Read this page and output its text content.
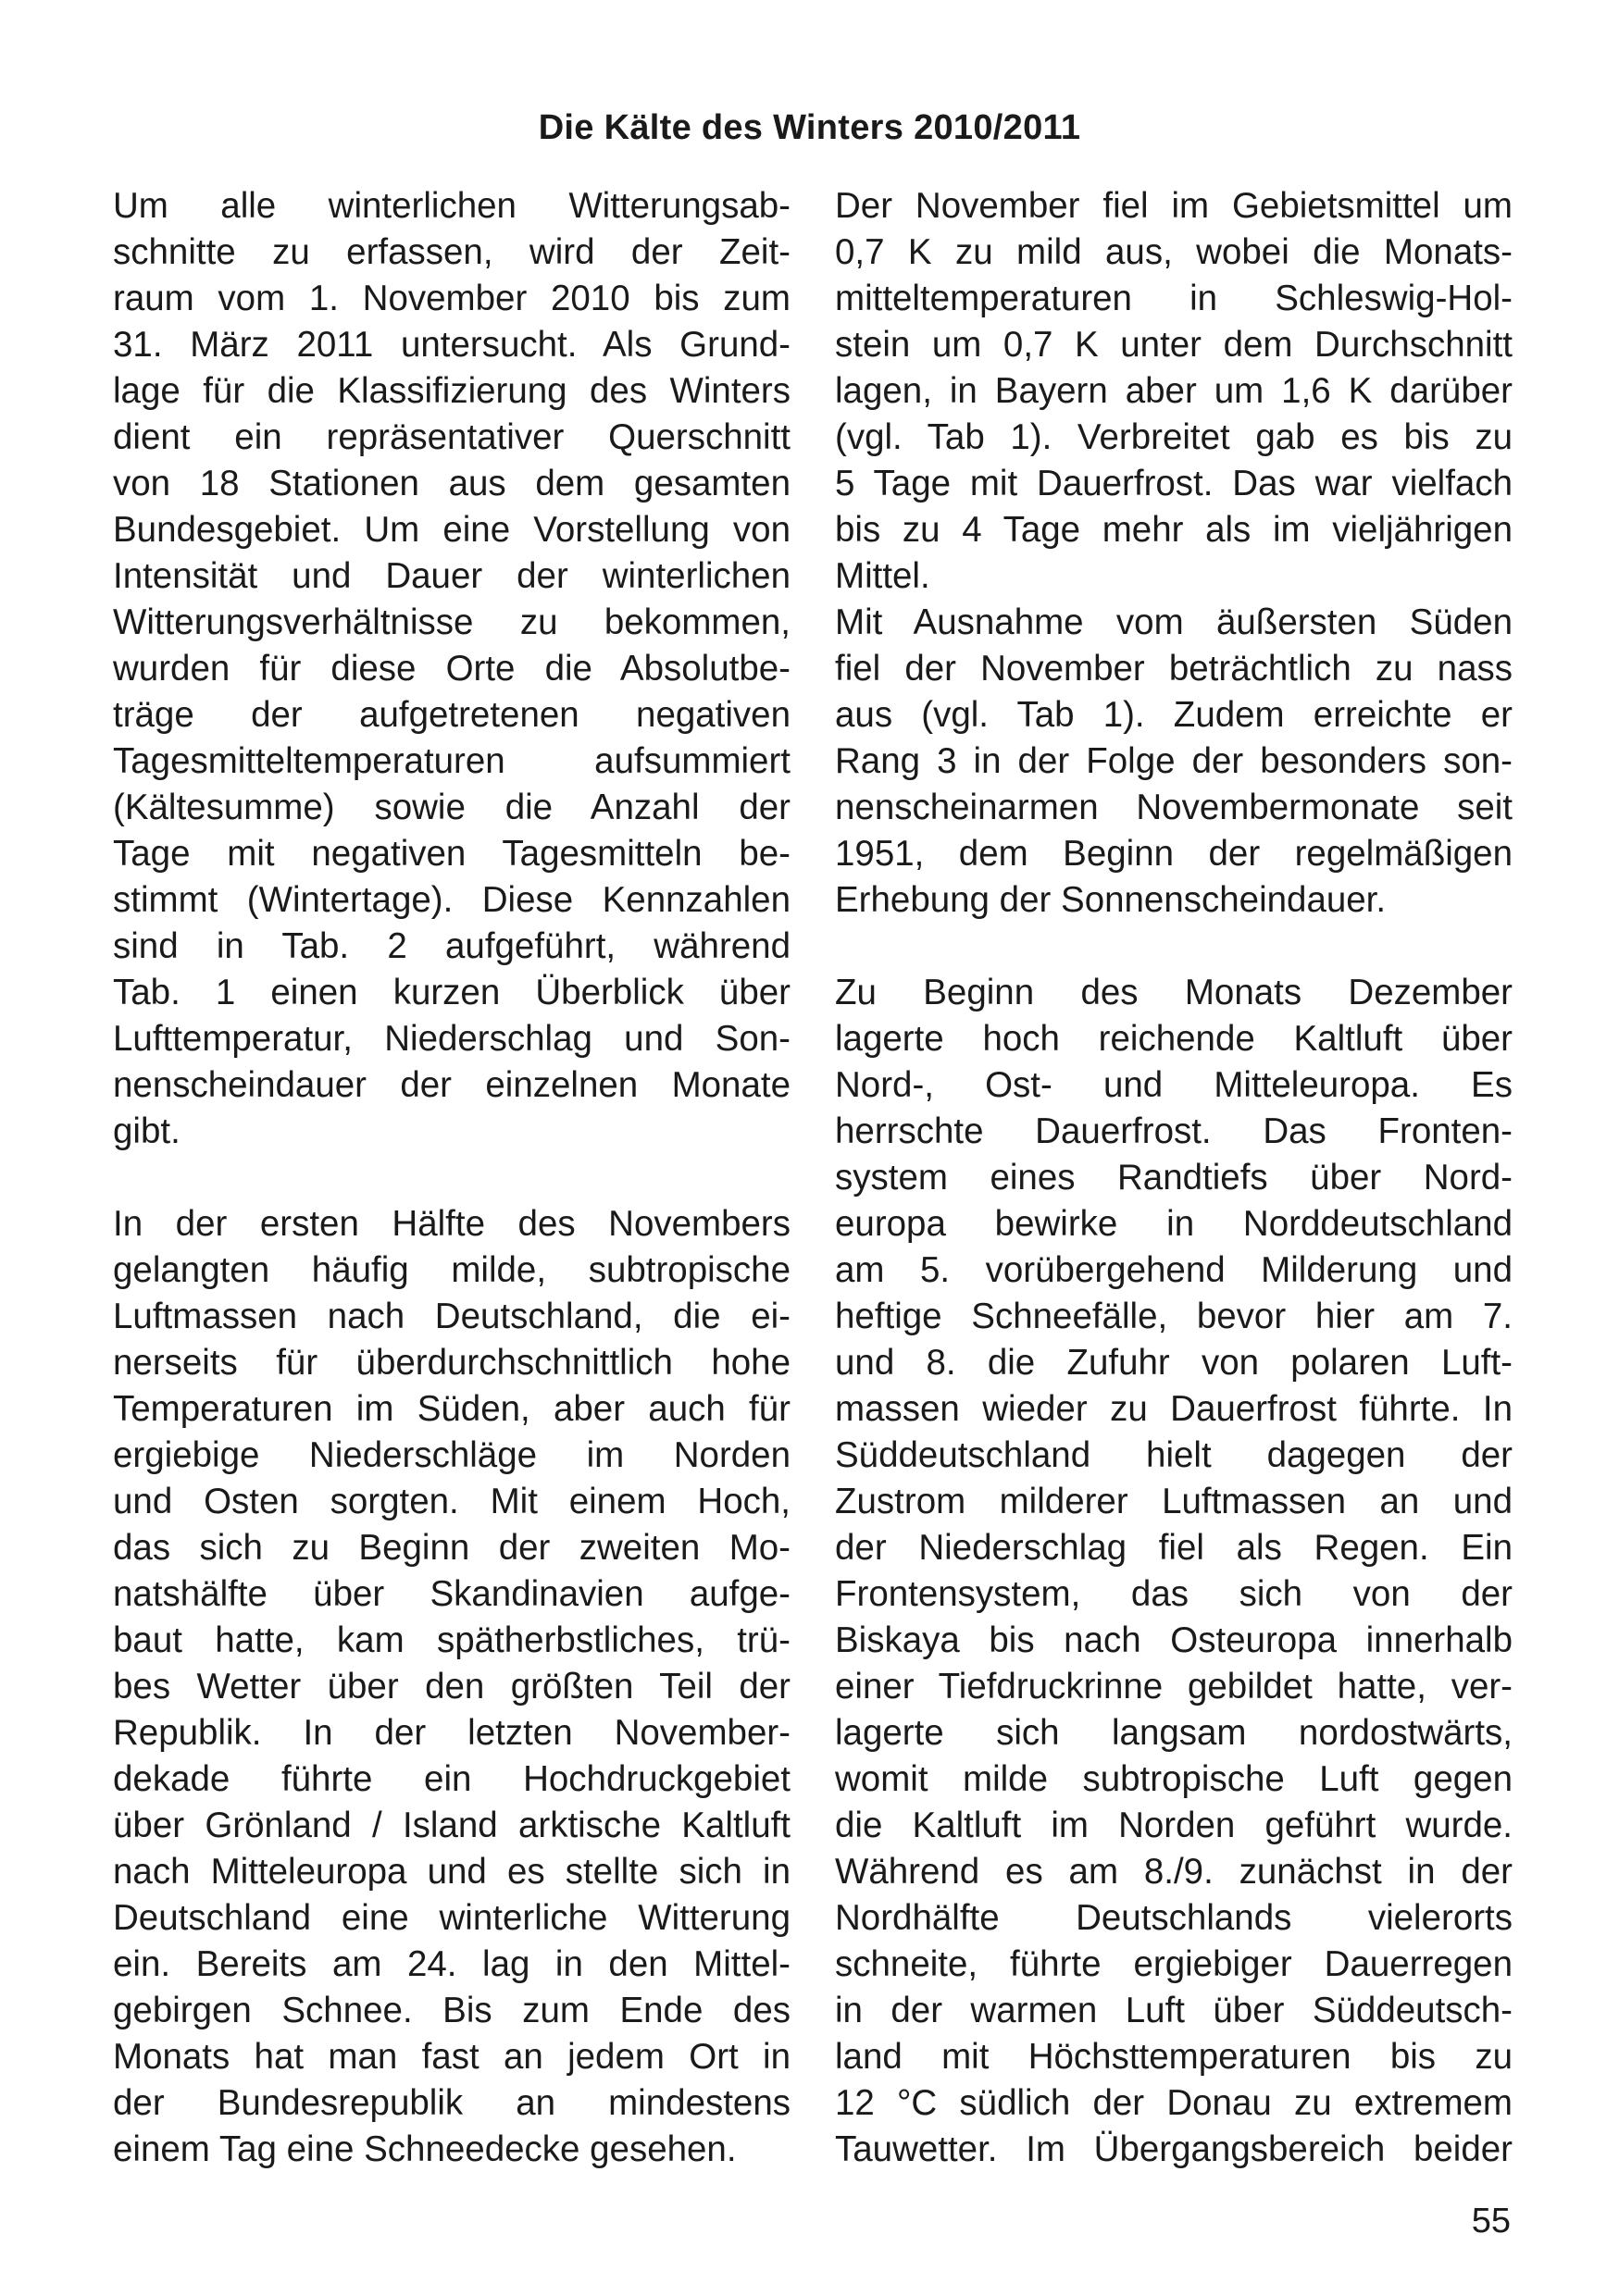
Die Kälte des Winters 2010/2011
Um alle winterlichen Witterungsab-
schnitte zu erfassen, wird der Zeit-
raum vom 1. November 2010 bis zum
31. März 2011 untersucht. Als Grund-
lage für die Klassifizierung des Winters
dient ein repräsentativer Querschnitt
von 18 Stationen aus dem gesamten
Bundesgebiet. Um eine Vorstellung von
Intensität und Dauer der winterlichen
Witterungsverhältnisse zu bekommen,
wurden für diese Orte die Absolutbe-
träge der aufgetretenen negativen
Tagesmitteltemperaturen aufsummiert
(Kältesumme) sowie die Anzahl der
Tage mit negativen Tagesmitteln be-
stimmt (Wintertage). Diese Kennzahlen
sind in Tab. 2 aufgeführt, während
Tab. 1 einen kurzen Überblick über
Lufttemperatur, Niederschlag und Son-
nenscheindauer der einzelnen Monate
gibt.
In der ersten Hälfte des Novembers
gelangten häufig milde, subtropische
Luftmassen nach Deutschland, die ei-
nerseits für überdurchschnittlich hohe
Temperaturen im Süden, aber auch für
ergiebige Niederschläge im Norden
und Osten sorgten. Mit einem Hoch,
das sich zu Beginn der zweiten Mo-
natshälfte über Skandinavien aufge-
baut hatte, kam spätherbstliches, trü-
bes Wetter über den größten Teil der
Republik. In der letzten November-
dekade führte ein Hochdruckgebiet
über Grönland / Island arktische Kaltluft
nach Mitteleuropa und es stellte sich in
Deutschland eine winterliche Witterung
ein. Bereits am 24. lag in den Mittel-
gebirgen Schnee. Bis zum Ende des
Monats hat man fast an jedem Ort in
der Bundesrepublik an mindestens
einem Tag eine Schneedecke gesehen.
Der November fiel im Gebietsmittel um
0,7 K zu mild aus, wobei die Monats-
mitteltemperaturen in Schleswig-Hol-
stein um 0,7 K unter dem Durchschnitt
lagen, in Bayern aber um 1,6 K darüber
(vgl. Tab 1). Verbreitet gab es bis zu
5 Tage mit Dauerfrost. Das war vielfach
bis zu 4 Tage mehr als im vieljährigen
Mittel.
Mit Ausnahme vom äußersten Süden
fiel der November beträchtlich zu nass
aus (vgl. Tab 1). Zudem erreichte er
Rang 3 in der Folge der besonders son-
nenscheinarmen Novembermonate seit
1951, dem Beginn der regelmäßigen
Erhebung der Sonnenscheindauer.
Zu Beginn des Monats Dezember
lagerte hoch reichende Kaltluft über
Nord-, Ost- und Mitteleuropa. Es
herrschte Dauerfrost. Das Fronten-
system eines Randtiefs über Nord-
europa bewirke in Norddeutschland
am 5. vorübergehend Milderung und
heftige Schneefälle, bevor hier am 7.
und 8. die Zufuhr von polaren Luft-
massen wieder zu Dauerfrost führte. In
Süddeutschland hielt dagegen der
Zustrom milderer Luftmassen an und
der Niederschlag fiel als Regen. Ein
Frontensystem, das sich von der
Biskaya bis nach Osteuropa innerhalb
einer Tiefdruckrinne gebildet hatte, ver-
lagerte sich langsam nordostwärts,
womit milde subtropische Luft gegen
die Kaltluft im Norden geführt wurde.
Während es am 8./9. zunächst in der
Nordhälfte Deutschlands vielerorts
schneite, führte ergiebiger Dauerregen
in der warmen Luft über Süddeutsch-
land mit Höchsttemperaturen bis zu
12 °C südlich der Donau zu extremem
Tauwetter. Im Übergangsbereich beider
55
